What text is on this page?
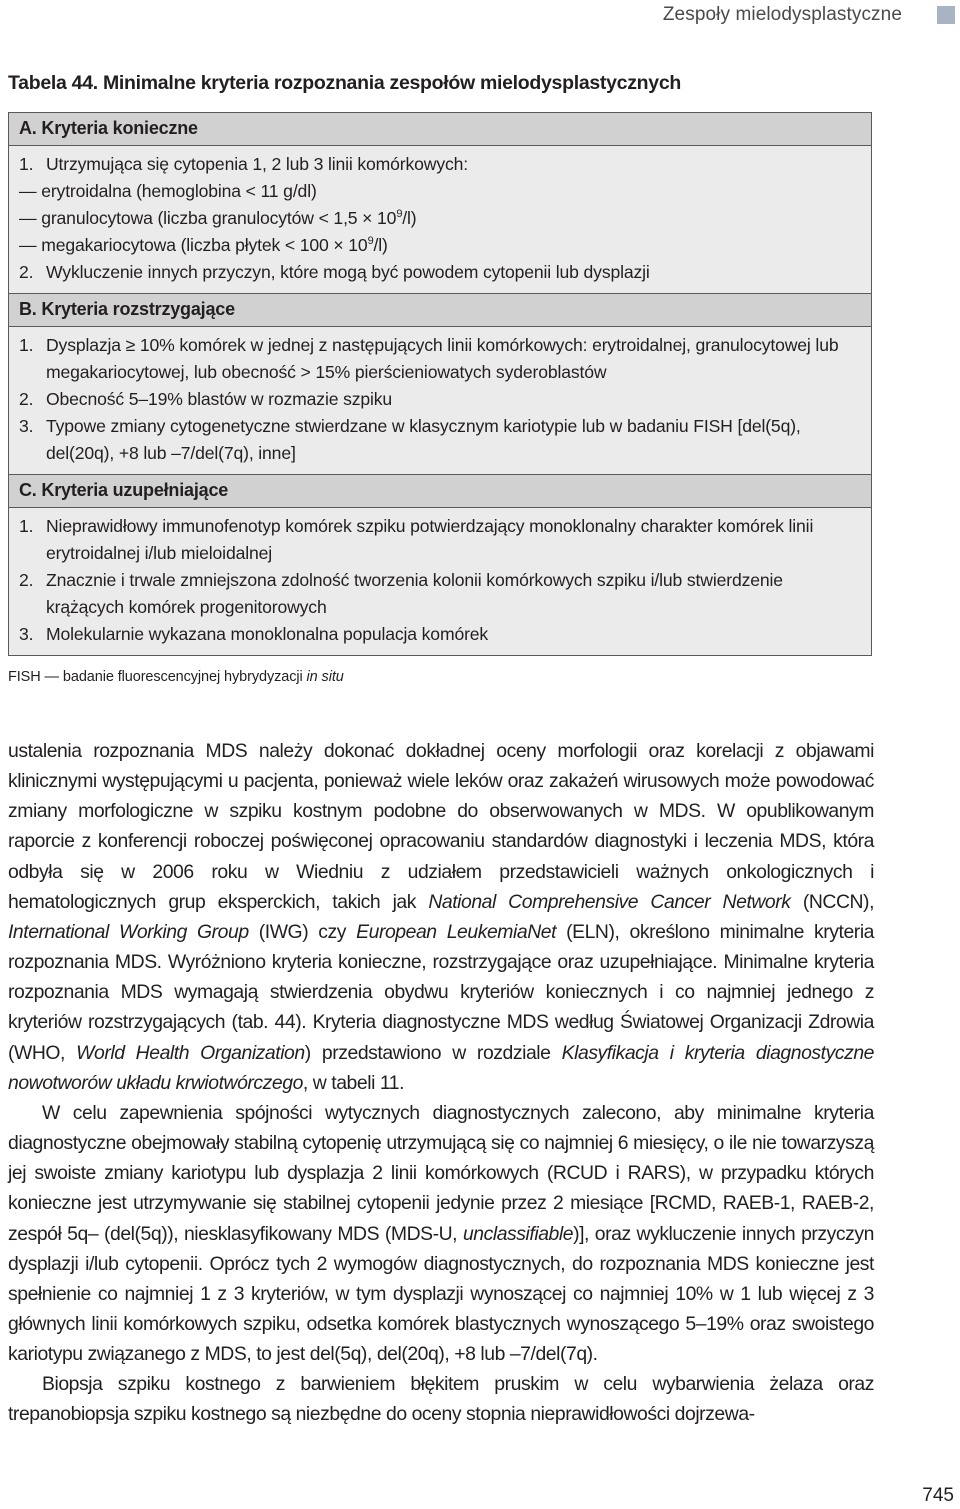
Zespoły mielodysplastyczne
Tabela 44. Minimalne kryteria rozpoznania zespołów mielodysplastycznych
A. Kryteria konieczne
1. Utrzymująca się cytopenia 1, 2 lub 3 linii komórkowych:
—
erytroidalna (hemoglobina < 11 g/dl)
—
granulocytowa (liczba granulocytów < $1,5 \times 10^9/l$)
—
megakariocytowa (liczba płytek < $100 \times 10^9/l$)
2. Wykluczenie innych przyczyn, które mogą być powodem cytopenii lub dysplazji
B. Kryteria rozstrzygające
1. Dysplazja ≥ 10% komórek w jednej z następujących linii komórkowych: erytroidalnej, granulocytowej lub megakariocytowej, lub obecność > 15% pierścieniowatych syderoblastów
2. Obecność 5–19% blastów w rozmazie szpiku
3. Typowe zmiany cytogenetyczne stwierdzane w klasycznym kariotypie lub w badaniu FISH [del(5q), del(20q), +8 lub –7/del(7q), inne]
C. Kryteria uzupełniające
1. Nieprawidłowy immunofenotyp komórek szpiku potwierdzający monoklonalny charakter komórek linii erytroidalnej i/lub mieloidalnej
2. Znacznie i trwale zmniejszona zdolność tworzenia kolonii komórkowych szpiku i/lub stwierdzenie krążących komórek progenitorowych
3. Molekularnie wykazana monoklonalna populacja komórek
FISH — badanie fluorescencyjnej hybrydyzacji in situ

ustalenia rozpoznania MDS należy dokonać dokładnej oceny morfologii oraz korelacji z objawami klinicznymi występującymi u pacjenta, ponieważ wiele leków oraz zakażeń wirusowych może powodować zmiany morfologiczne w szpiku kostnym podobne do obserwowanych w MDS. W opublikowanym raporcie z konferencji roboczej poświęconej opracowaniu standardów diagnostyki i leczenia MDS, która odbyła się w 2006 roku w Wiedniu z udziałem przedstawicieli ważnych onkologicznych i hematologicznych grup eksperckich, takich jak National Comprehensive Cancer Network (NCCN), International Working Group (IWG) czy European LeukemiaNet (ELN), określono minimalne kryteria rozpoznania MDS. Wyróżniono kryteria konieczne, rozstrzygające oraz uzupełniające. Minimalne kryteria rozpoznania MDS wymagają stwierdzenia obydwu kryteriów koniecznych i co najmniej jednego z kryteriów rozstrzygających (tab. 44). Kryteria diagnostyczne MDS według Światowej Organizacji Zdrowia (WHO, World Health Organization) przedstawiono w rozdziale Klasyfikacja i kryteria diagnostyczne nowotworów układu krwiotwórczego, w tabeli 11.

W celu zapewnienia spójności wytycznych diagnostycznych zalecono, aby minimalne kryteria diagnostyczne obejmowały stabilną cytopenię utrzymującą się co najmniej 6 miesięcy, o ile nie towarzyszą jej swoiste zmiany kariotypu lub dysplazja 2 linii komórkowych (RCUD i RARS), w przypadku których konieczne jest utrzymywanie się stabilnej cytopenii jedynie przez 2 miesiące [RCMD, RAEB-1, RAEB-2, zespół 5q– (del(5q)), niesklasyfikowany MDS (MDS-U, unclassifiable)], oraz wykluczenie innych przyczyn dysplazji i/lub cytopenii. Oprócz tych 2 wymogów diagnostycznych, do rozpoznania MDS konieczne jest spełnienie co najmniej 1 z 3 kryteriów, w tym dysplazji wynoszącej co najmniej 10% w 1 lub więcej z 3 głównych linii komórkowych szpiku, odsetka komórek blastycznych wynoszącego 5–19% oraz swoistego kariotypu związanego z MDS, to jest del(5q), del(20q), +8 lub –7/del(7q).

Biopsja szpiku kostnego z barwieniem błękitem pruskim w celu wybarwienia żelaza oraz trepanobiopsja szpiku kostnego są niezbędne do oceny stopnia nieprawidłowości dojrzewa-

745
